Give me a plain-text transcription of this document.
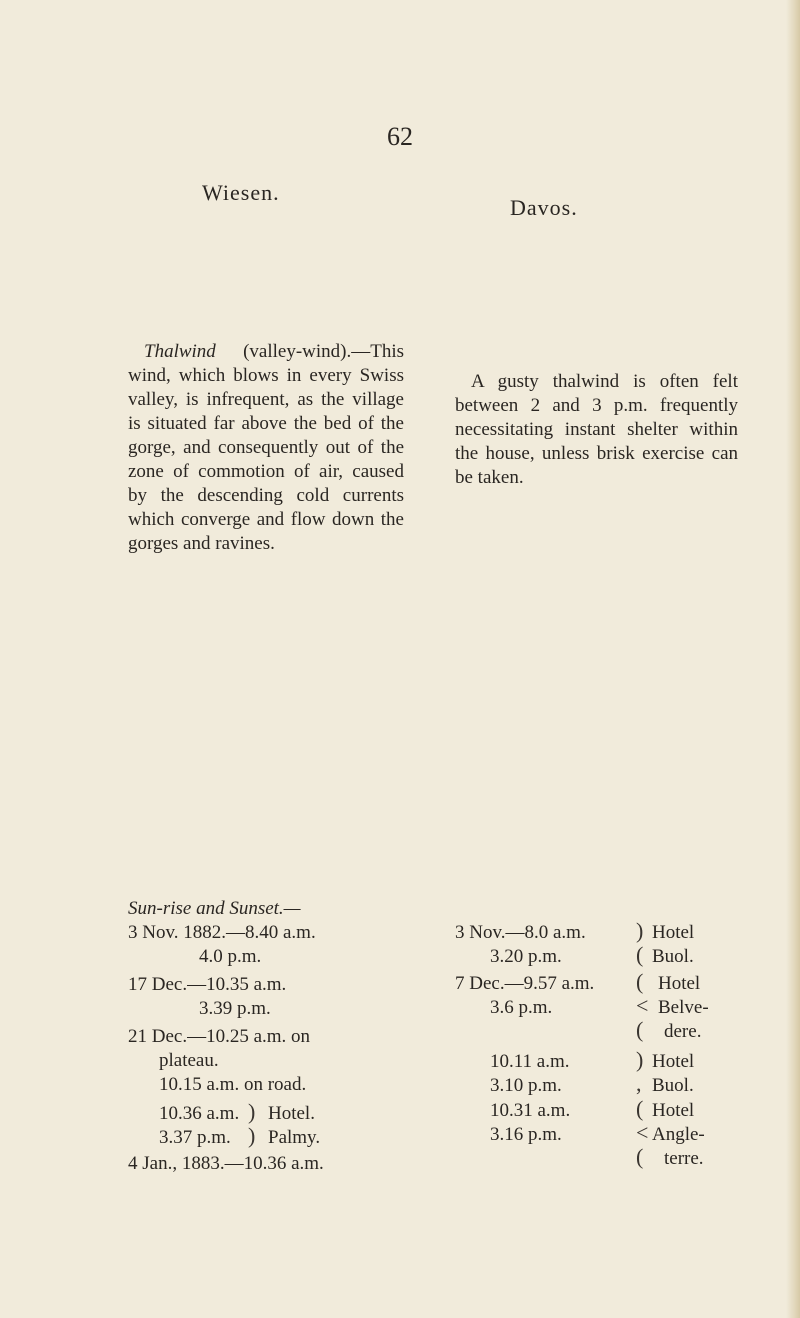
62
Wiesen.
Davos.
Thalwind (valley-wind).—This wind, which blows in every Swiss valley, is infrequent, as the village is situated far above the bed of the gorge, and consequently out of the zone of commotion of air, caused by the descending cold currents which converge and flow down the gorges and ravines.
A gusty thalwind is often felt between 2 and 3 p.m. frequently necessitating instant shelter within the house, unless brisk exercise can be taken.
Sun-rise and Sunset.—
3 Nov. 1882.—8.40 a.m.
4.0 p.m.
17 Dec.—10.35 a.m.
3.39 p.m.
21 Dec.—10.25 a.m. on
plateau.
10.15 a.m. on road.
10.36 a.m.
3.37 p.m.
)
)
Hotel.
Palmy.
4 Jan., 1883.—10.36 a.m.
3 Nov.—8.0 a.m.
3.20 p.m.
)
(
Hotel
Buol.
7 Dec.—9.57 a.m.
3.6 p.m.
(
<
(
Hotel
Belve-
dere.
10.11 a.m.
3.10 p.m.
)
,
Hotel
Buol.
10.31 a.m.
3.16 p.m.
(
<
(
Hotel
Angle-
terre.
